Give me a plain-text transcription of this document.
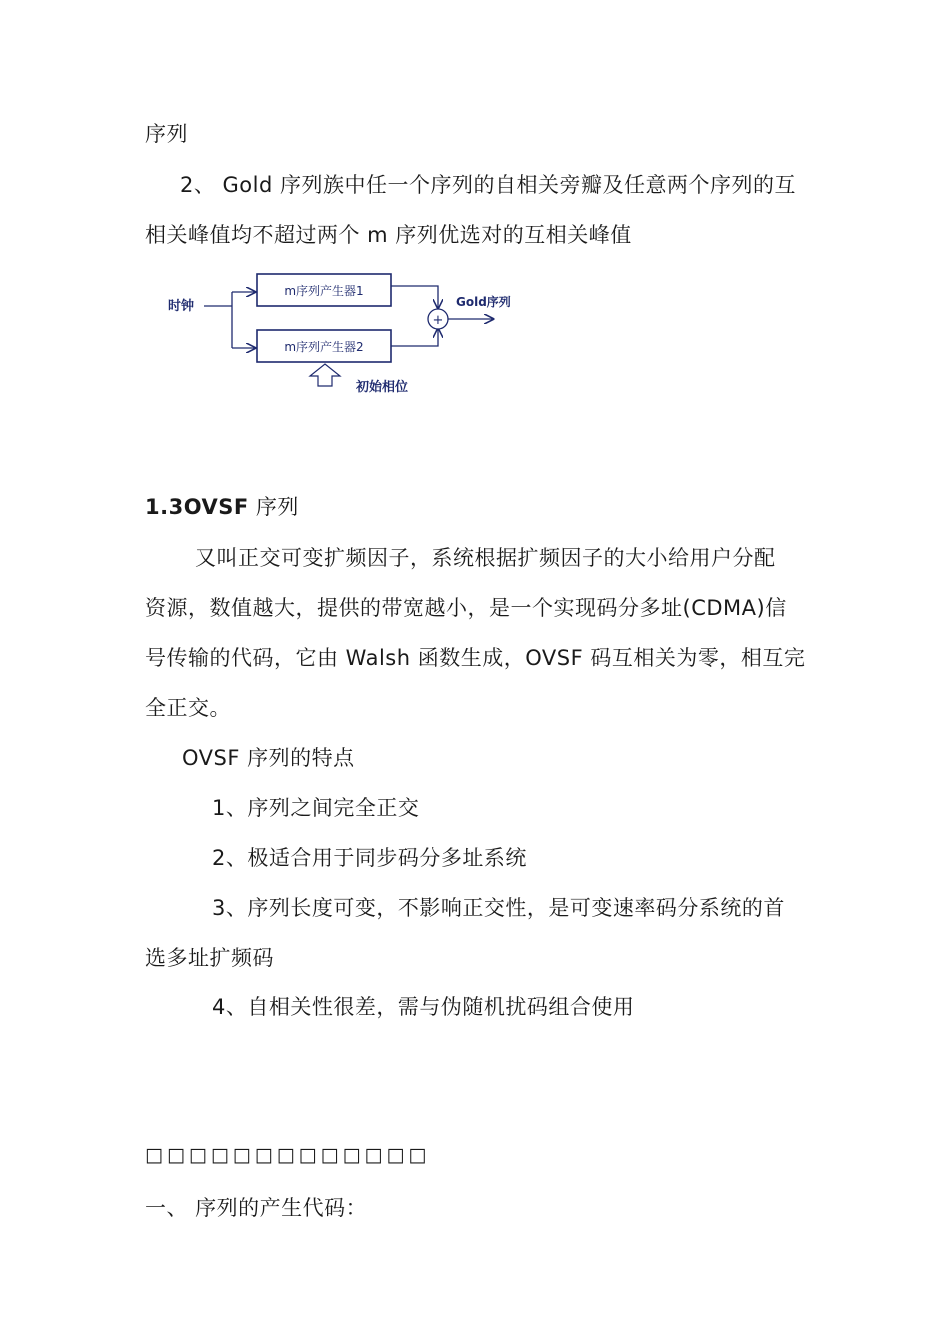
序列
2、 Gold 序列族中任一个序列的自相关旁瓣及任意两个序列的互
相关峰值均不超过两个 m 序列优选对的互相关峰值
时钟
m序列产生器1
m序列产生器2
+
Gold序列
初始相位
1.3OVSF 序列
又叫正交可变扩频因子，系统根据扩频因子的大小给用户分配
资源，数值越大，提供的带宽越小，是一个实现码分多址(CDMA)信
号传输的代码，它由 Walsh 函数生成，OVSF 码互相关为零，相互完
全正交。
OVSF 序列的特点
1、序列之间完全正交
2、极适合用于同步码分多址系统
3、序列长度可变，不影响正交性，是可变速率码分系统的首
选多址扩频码
4、自相关性很差，需与伪随机扰码组合使用
□□□□□□□□□□□□□
一、 序列的产生代码：
